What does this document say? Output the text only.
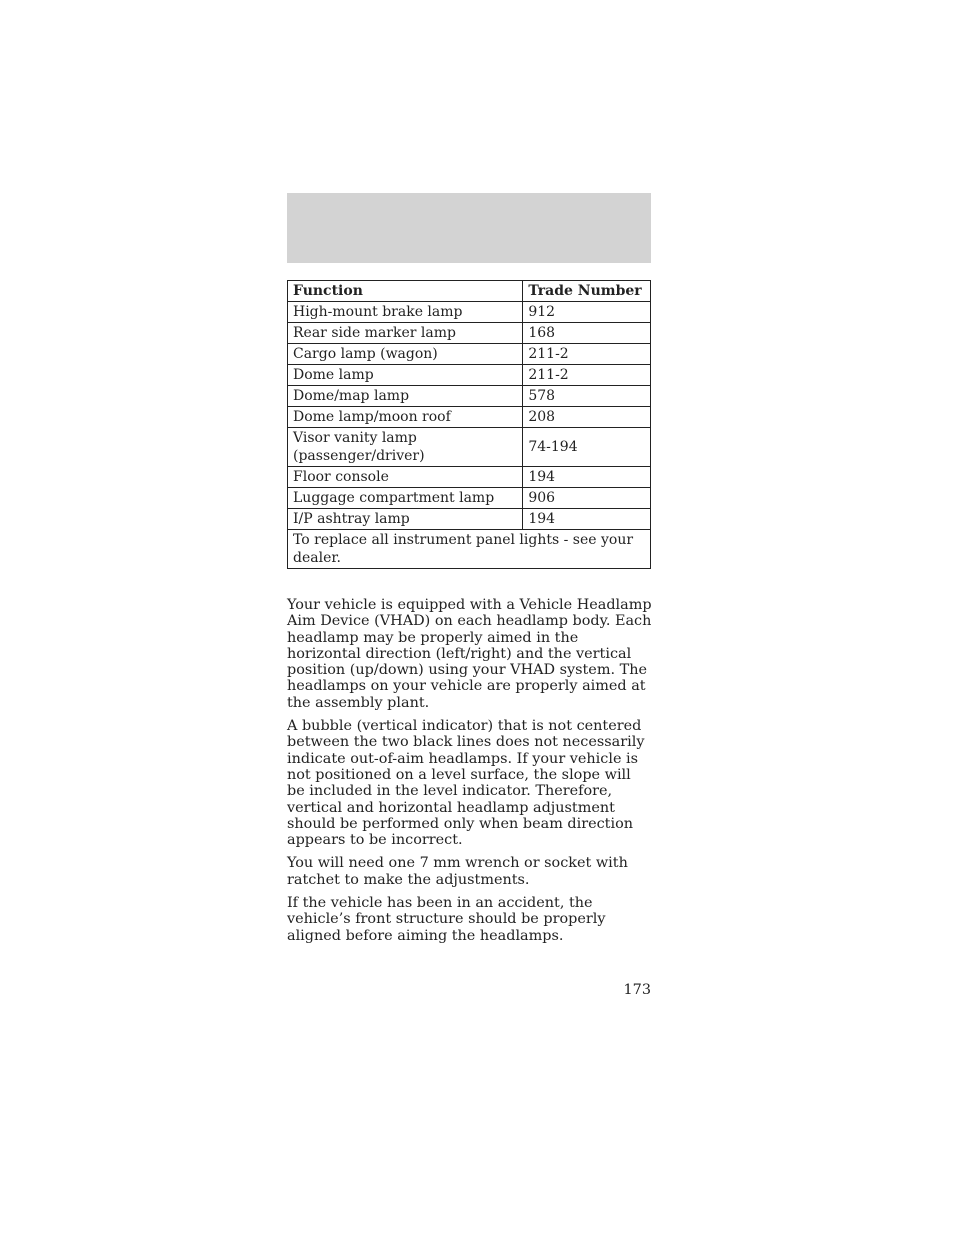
Function	Trade Number
High-mount brake lamp	912
Rear side marker lamp	168
Cargo lamp (wagon)	211-2
Dome lamp	211-2
Dome/map lamp	578
Dome lamp/moon roof	208
Visor vanity lamp (passenger/driver)	74-194
Floor console	194
Luggage compartment lamp	906
I/P ashtray lamp	194
To replace all instrument panel lights - see your dealer.	

Your vehicle is equipped with a Vehicle Headlamp Aim Device (VHAD) on each headlamp body. Each headlamp may be properly aimed in the horizontal direction (left/right) and the vertical position (up/down) using your VHAD system. The headlamps on your vehicle are properly aimed at the assembly plant.

A bubble (vertical indicator) that is not centered between the two black lines does not necessarily indicate out-of-aim headlamps. If your vehicle is not positioned on a level surface, the slope will be included in the level indicator. Therefore, vertical and horizontal headlamp adjustment should be performed only when beam direction appears to be incorrect.

You will need one 7 mm wrench or socket with ratchet to make the adjustments.

If the vehicle has been in an accident, the vehicle’s front structure should be properly aligned before aiming the headlamps.

173
